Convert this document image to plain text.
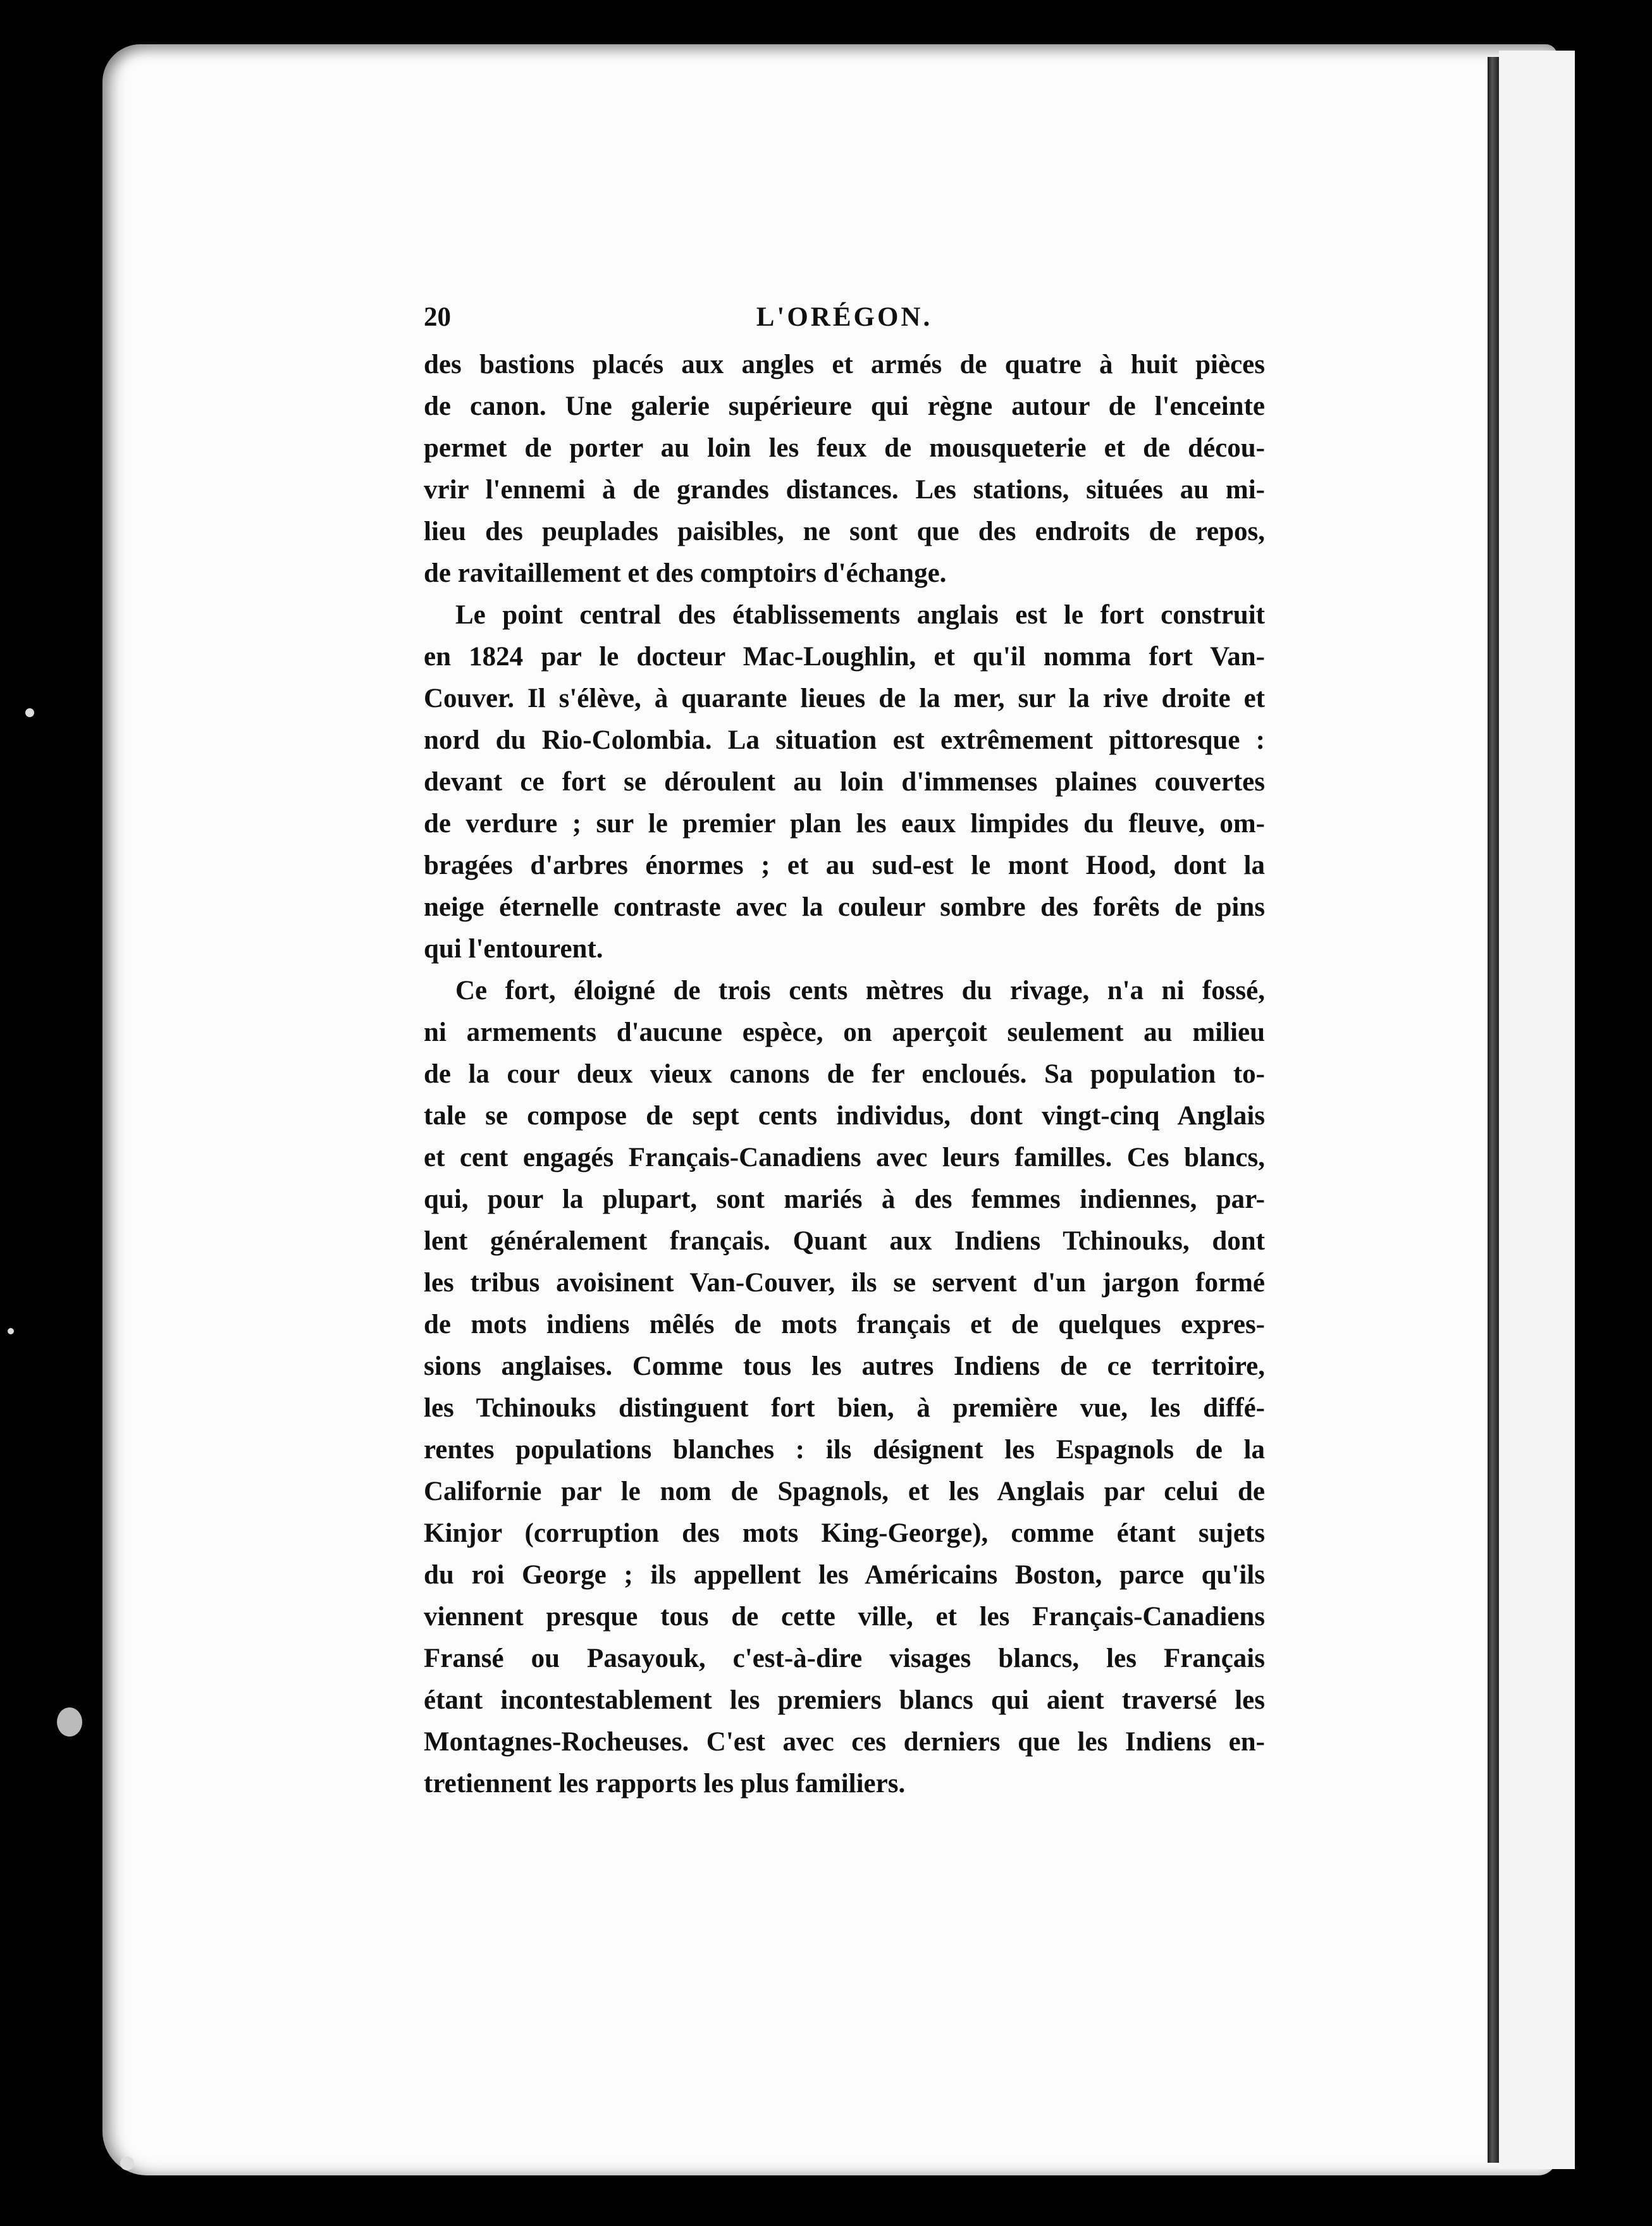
20	L'ORÉGON.
des bastions placés aux angles et armés de quatre à huit pièces
de canon. Une galerie supérieure qui règne autour de l'enceinte
permet de porter au loin les feux de mousqueterie et de décou-
vrir l'ennemi à de grandes distances. Les stations, situées au mi-
lieu des peuplades paisibles, ne sont que des endroits de repos,
de ravitaillement et des comptoirs d'échange.
Le point central des établissements anglais est le fort construit
en 1824 par le docteur Mac-Loughlin, et qu'il nomma fort Van-
Couver. Il s'élève, à quarante lieues de la mer, sur la rive droite et
nord du Rio-Colombia. La situation est extrêmement pittoresque :
devant ce fort se déroulent au loin d'immenses plaines couvertes
de verdure ; sur le premier plan les eaux limpides du fleuve, om-
bragées d'arbres énormes ; et au sud-est le mont Hood, dont la
neige éternelle contraste avec la couleur sombre des forêts de pins
qui l'entourent.
Ce fort, éloigné de trois cents mètres du rivage, n'a ni fossé,
ni armements d'aucune espèce, on aperçoit seulement au milieu
de la cour deux vieux canons de fer encloués. Sa population to-
tale se compose de sept cents individus, dont vingt-cinq Anglais
et cent engagés Français-Canadiens avec leurs familles. Ces blancs,
qui, pour la plupart, sont mariés à des femmes indiennes, par-
lent généralement français. Quant aux Indiens Tchinouks, dont
les tribus avoisinent Van-Couver, ils se servent d'un jargon formé
de mots indiens mêlés de mots français et de quelques expres-
sions anglaises. Comme tous les autres Indiens de ce territoire,
les Tchinouks distinguent fort bien, à première vue, les diffé-
rentes populations blanches : ils désignent les Espagnols de la
Californie par le nom de Spagnols, et les Anglais par celui de
Kinjor (corruption des mots King-George), comme étant sujets
du roi George ; ils appellent les Américains Boston, parce qu'ils
viennent presque tous de cette ville, et les Français-Canadiens
Fransé ou Pasayouk, c'est-à-dire visages blancs, les Français
étant incontestablement les premiers blancs qui aient traversé les
Montagnes-Rocheuses. C'est avec ces derniers que les Indiens en-
tretiennent les rapports les plus familiers.
